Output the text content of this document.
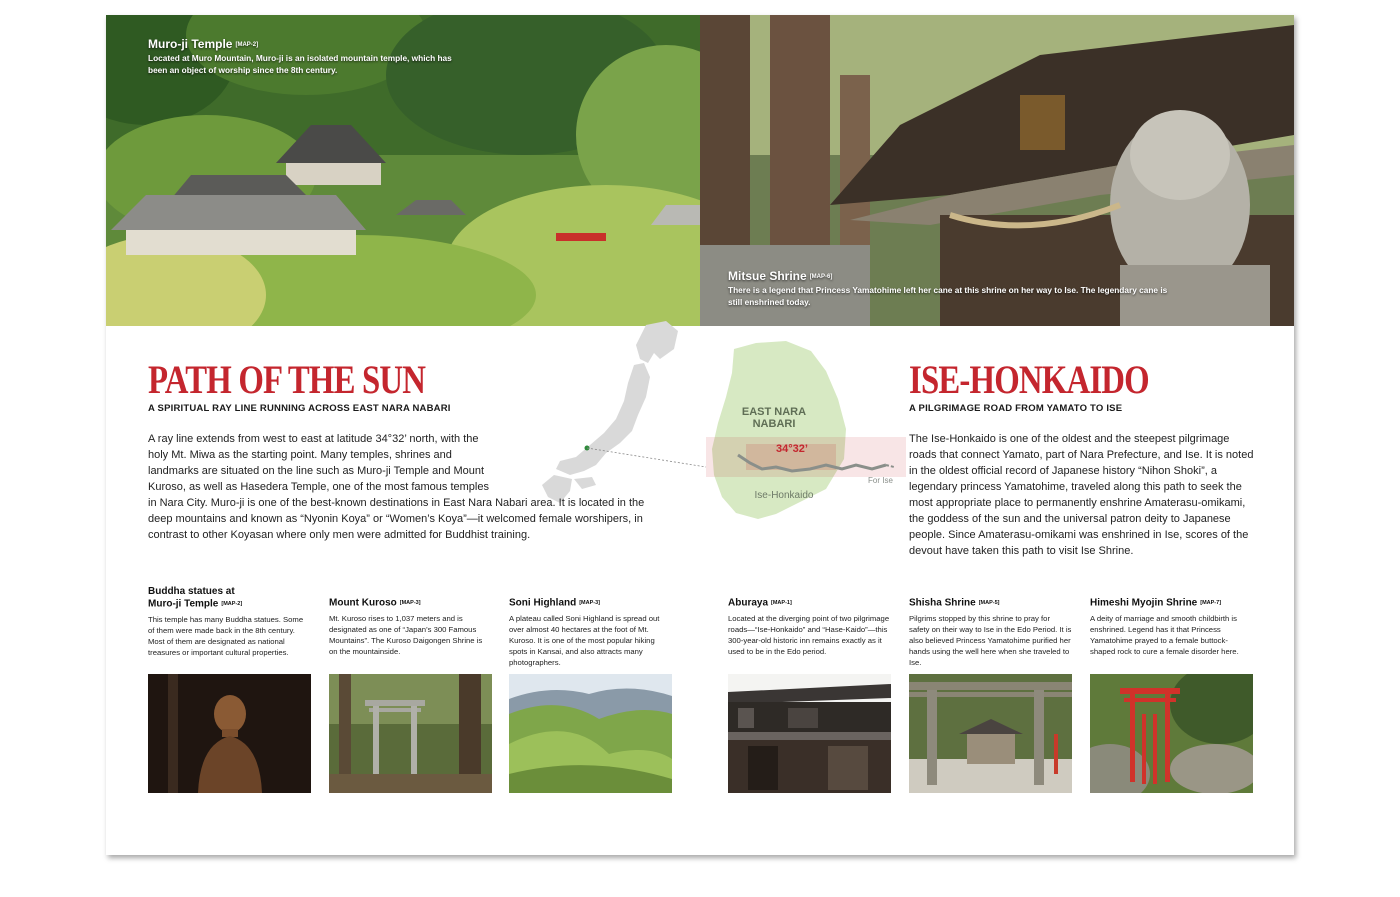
Muro-ji Temple [MAP-2]
Located at Muro Mountain, Muro-ji is an isolated mountain temple, which has been an object of worship since the 8th century.
Mitsue Shrine [MAP-6]
There is a legend that Princess Yamatohime left her cane at this shrine on her way to Ise. The legendary cane is still enshrined today.
PATH OF THE SUN
A SPIRITUAL RAY LINE RUNNING ACROSS EAST NARA NABARI	EAST NARA
NABARI
34°32’
Ise-Honkaido
For Ise
A ray line extends from west to east at latitude 34°32’ north, with the holy Mt. Miwa as the starting point. Many temples, shrines and landmarks are situated on the line such as Muro-ji Temple and Mount Kuroso, as well as Hasedera Temple, one of the most famous temples in Nara City. Muro-ji is one of the best-known destinations in East Nara Nabari area. It is located in the deep mountains and known as “Nyonin Koya” or “Women’s Koya”—it welcomed female worshipers, in contrast to other Koyasan where only men were admitted for Buddhist training.
ISE-HONKAIDO
A PILGRIMAGE ROAD FROM YAMATO TO ISE
The Ise-Honkaido is one of the oldest and the steepest pilgrimage roads that connect Yamato, part of Nara Prefecture, and Ise. It is noted in the oldest official record of Japanese history “Nihon Shoki”, a legendary princess Yamatohime, traveled along this path to seek the most appropriate place to permanently enshrine Amaterasu-omikami, the goddess of the sun and the universal patron deity to Japanese people. Since Amaterasu-omikami was enshrined in Ise, scores of the devout have taken this path to visit Ise Shrine.
Buddha statues at
Muro-ji Temple [MAP-2]
This temple has many Buddha statues. Some of them were made back in the 8th century. Most of them are designated as national treasures or important cultural properties.
Mount Kuroso [MAP-3]
Mt. Kuroso rises to 1,037 meters and is designated as one of “Japan’s 300 Famous Mountains”. The Kuroso Daigongen Shrine is on the mountainside.
Soni Highland [MAP-3]
A plateau called Soni Highland is spread out over almost 40 hectares at the foot of Mt. Kuroso. It is one of the most popular hiking spots in Kansai, and also attracts many photographers.
Aburaya [MAP-1]
Located at the diverging point of two pilgrimage roads—“Ise-Honkaido” and “Hase-Kaido”—this 300-year-old historic inn remains exactly as it used to be in the Edo period.
Shisha Shrine [MAP-5]
Pilgrims stopped by this shrine to pray for safety on their way to Ise in the Edo Period. It is also believed Princess Yamatohime purified her hands using the well here when she traveled to Ise.
Himeshi Myojin Shrine [MAP-7]
A deity of marriage and smooth childbirth is enshrined. Legend has it that Princess Yamatohime prayed to a female buttock-shaped rock to cure a female disorder here.
